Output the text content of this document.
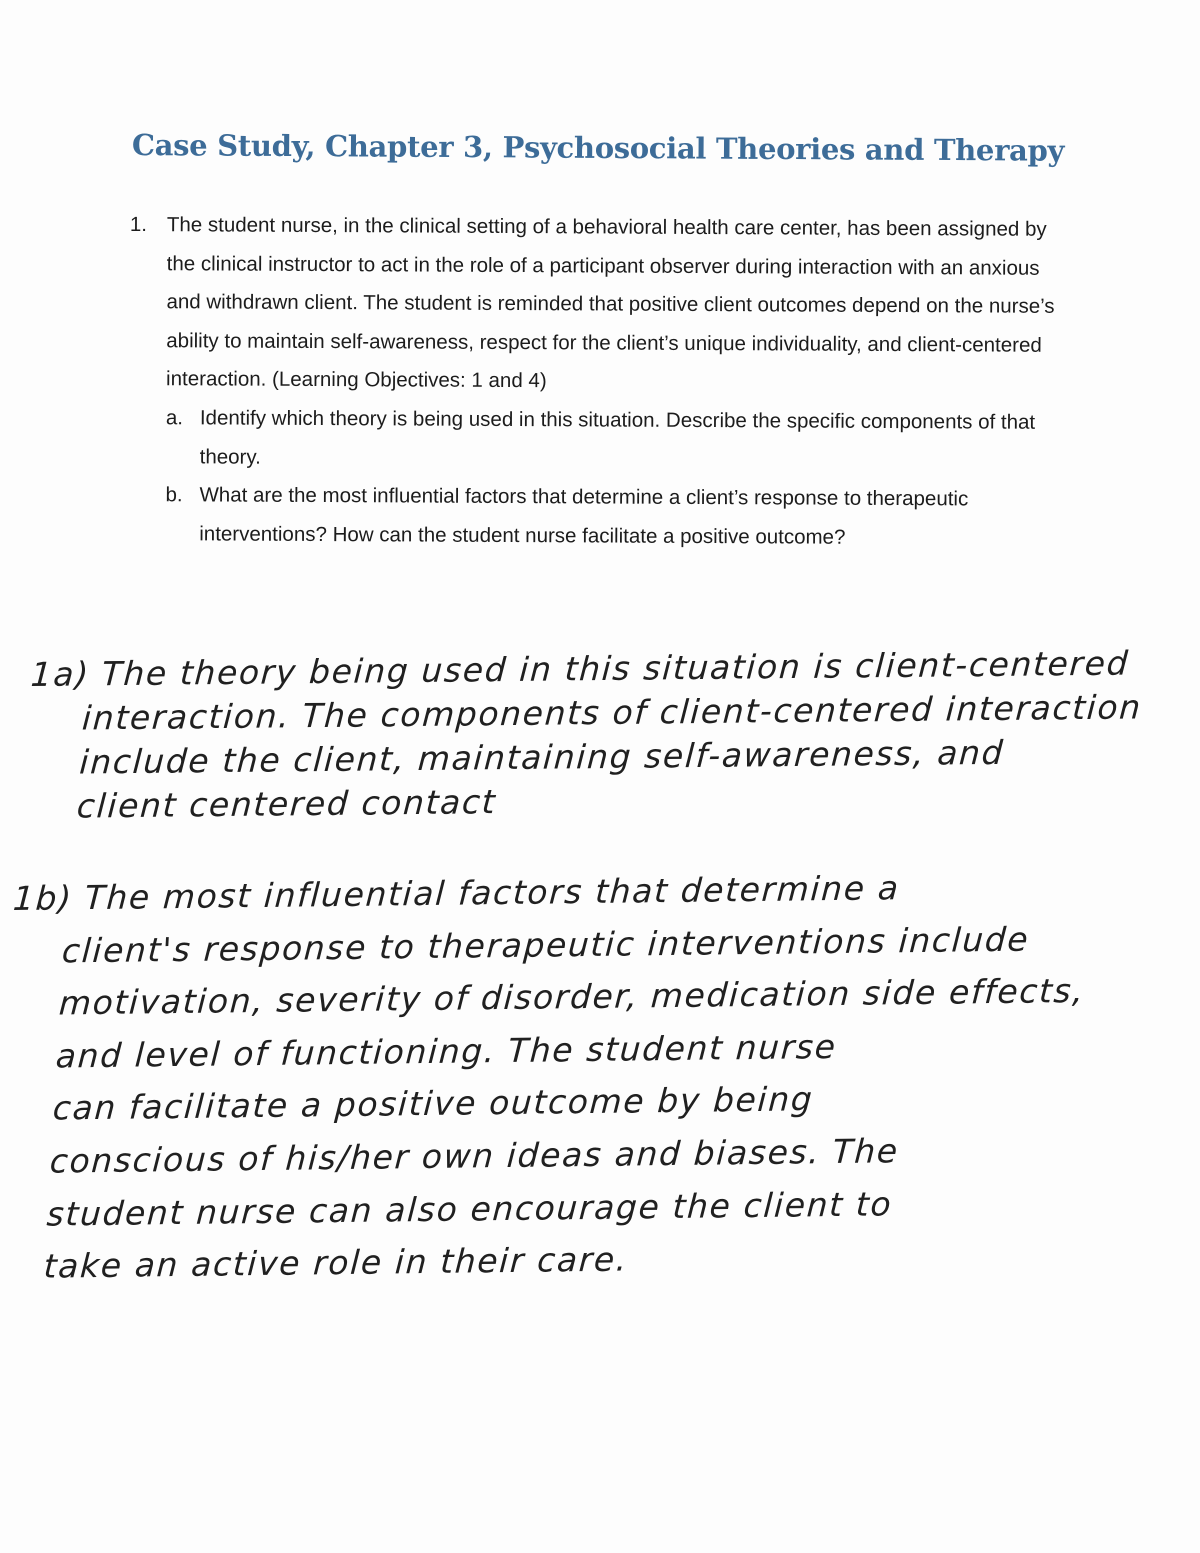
Case Study, Chapter 3, Psychosocial Theories and Therapy
1. The student nurse, in the clinical setting of a behavioral health care center, has been assigned by the clinical instructor to act in the role of a participant observer during interaction with an anxious and withdrawn client. The student is reminded that positive client outcomes depend on the nurse’s ability to maintain self-awareness, respect for the client’s unique individuality, and client-centered interaction. (Learning Objectives: 1 and 4)
a. Identify which theory is being used in this situation. Describe the specific components of that theory.
b. What are the most influential factors that determine a client’s response to therapeutic interventions? How can the student nurse facilitate a positive outcome?
1a) The theory being used in this situation is client-centered
interaction. The components of client-centered interaction
include the client, maintaining self-awareness, and
client centered contact
1b) The most influential factors that determine a
client's response to therapeutic interventions include
motivation, severity of disorder, medication side effects,
and level of functioning. The student nurse
can facilitate a positive outcome by being
conscious of his/her own ideas and biases. The
student nurse can also encourage the client to
take an active role in their care.
